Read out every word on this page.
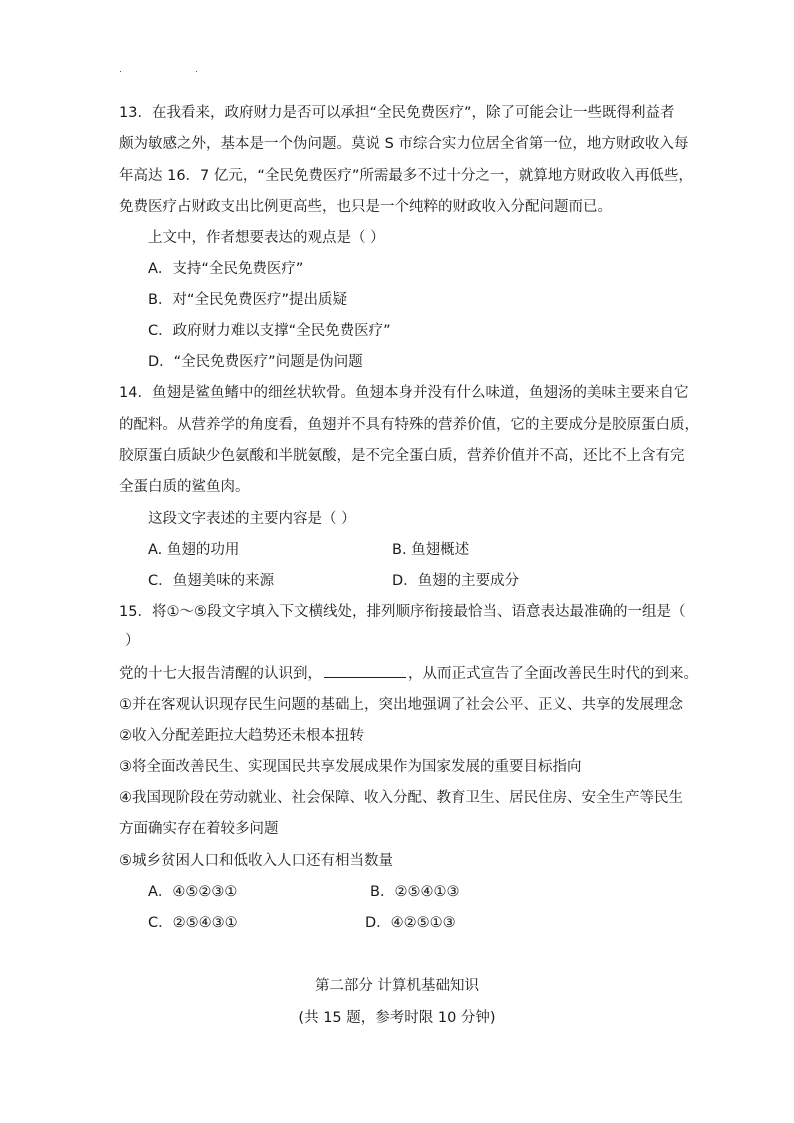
13．在我看来，政府财力是否可以承担“全民免费医疗”，除了可能会让一些既得利益者
颇为敏感之外，基本是一个伪问题。莫说 S 市综合实力位居全省第一位，地方财政收入每
年高达 16．7 亿元，“全民免费医疗”所需最多不过十分之一，就算地方财政收入再低些，
免费医疗占财政支出比例更高些，也只是一个纯粹的财政收入分配问题而已。
上文中，作者想要表达的观点是（ ）
A．支持“全民免费医疗”
B．对“全民免费医疗”提出质疑
C．政府财力难以支撑“全民免费医疗”
D．“全民免费医疗”问题是伪问题
14．鱼翅是鲨鱼鳍中的细丝状软骨。鱼翅本身并没有什么味道，鱼翅汤的美味主要来自它
的配料。从营养学的角度看，鱼翅并不具有特殊的营养价值，它的主要成分是胶原蛋白质，
胶原蛋白质缺少色氨酸和半胱氨酸，是不完全蛋白质，营养价值并不高，还比不上含有完
全蛋白质的鲨鱼肉。
这段文字表述的主要内容是（ ）
A. 鱼翅的功用	B. 鱼翅概述
C．鱼翅美味的来源	D．鱼翅的主要成分
15．将①～⑤段文字填入下文横线处，排列顺序衔接最恰当、语意表达最准确的一组是（
）
党的十七大报告清醒的认识到，	，从而正式宣告了全面改善民生时代的到来。
①并在客观认识现存民生问题的基础上，突出地强调了社会公平、正义、共享的发展理念
②收入分配差距拉大趋势还未根本扭转
③将全面改善民生、实现国民共享发展成果作为国家发展的重要目标指向
④我国现阶段在劳动就业、社会保障、收入分配、教育卫生、居民住房、安全生产等民生
方面确实存在着较多问题
⑤城乡贫困人口和低收入人口还有相当数量
A．④⑤②③①	B．②⑤④①③
C．②⑤④③①	D．④②⑤①③
第二部分 计算机基础知识
(共 15 题，参考时限 10 分钟)
